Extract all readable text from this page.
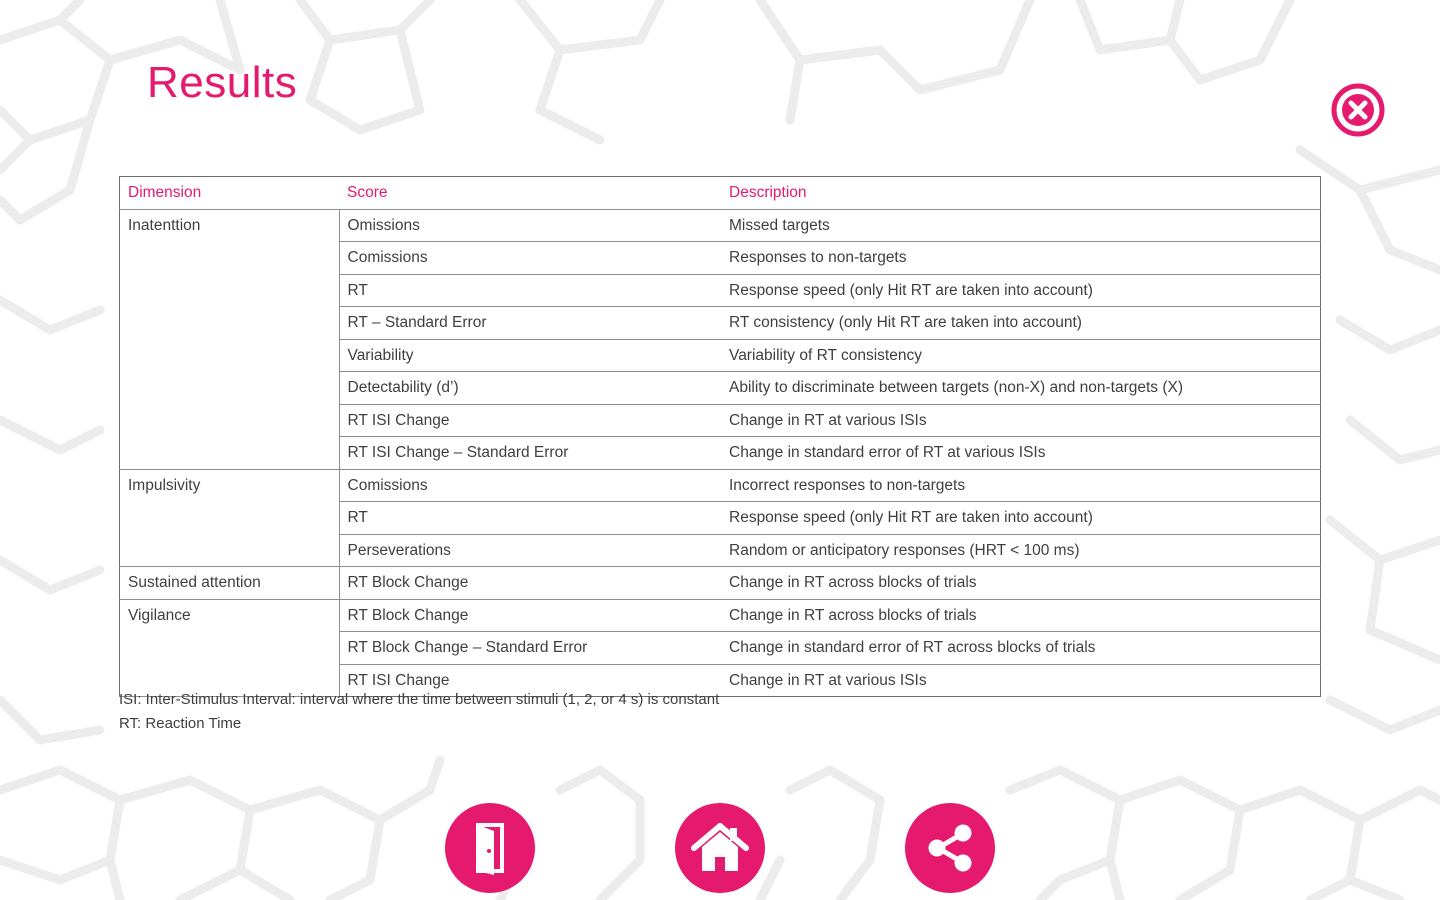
Results
Dimension	Score	Description
Inatenttion	Omissions	Missed targets
	Comissions	Responses to non-targets
	RT	Response speed (only Hit RT are taken into account)
	RT – Standard Error	RT consistency (only Hit RT are taken into account)
	Variability	Variability of RT consistency
	Detectability (d’)	Ability to discriminate between targets (non-X) and non-targets (X)
	RT ISI Change	Change in RT at various ISIs
	RT ISI Change – Standard Error	Change in standard error of RT at various ISIs
Impulsivity	Comissions	Incorrect responses to non-targets
	RT	Response speed (only Hit RT are taken into account)
	Perseverations	Random or anticipatory responses (HRT < 100 ms)
Sustained attention	RT Block Change	Change in RT across blocks of trials
Vigilance	RT Block Change	Change in RT across blocks of trials
	RT Block Change – Standard Error	Change in standard error of RT across blocks of trials
	RT ISI Change	Change in RT at various ISIs
ISI: Inter-Stimulus Interval: interval where the time between stimuli (1, 2, or 4 s) is constant
RT: Reaction Time
